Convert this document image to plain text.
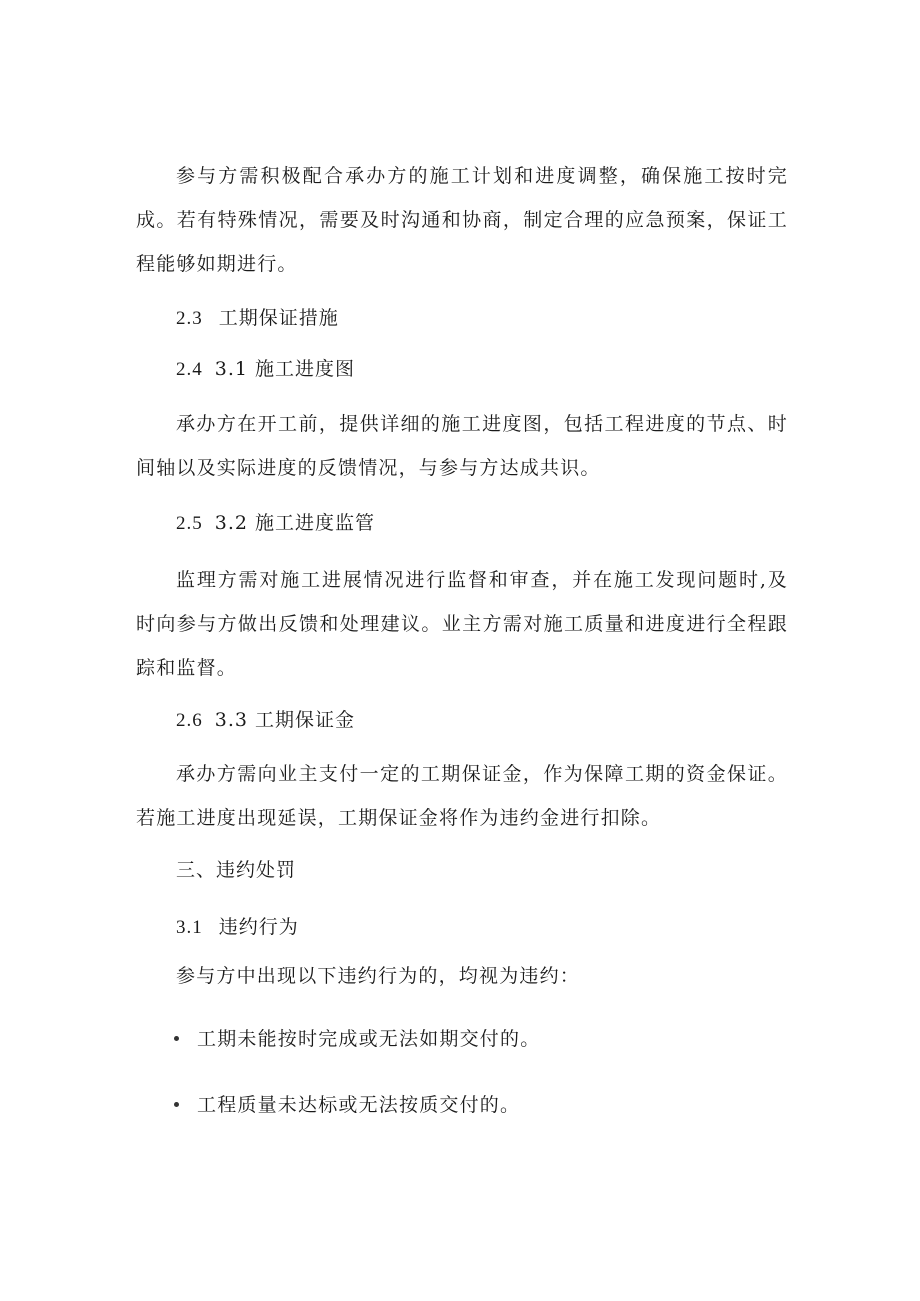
参与方需积极配合承办方的施工计划和进度调整，确保施工按时完成。若有特殊情况，需要及时沟通和协商，制定合理的应急预案，保证工程能够如期进行。

2.3 工期保证措施
2.4 3.1 施工进度图

承办方在开工前，提供详细的施工进度图，包括工程进度的节点、时间轴以及实际进度的反馈情况，与参与方达成共识。

2.5 3.2 施工进度监管

监理方需对施工进展情况进行监督和审查，并在施工发现问题时,及时向参与方做出反馈和处理建议。业主方需对施工质量和进度进行全程跟踪和监督。

2.6 3.3 工期保证金

承办方需向业主支付一定的工期保证金，作为保障工期的资金保证。若施工进度出现延误，工期保证金将作为违约金进行扣除。

三、违约处罚
3.1 违约行为

参与方中出现以下违约行为的，均视为违约：

工期未能按时完成或无法如期交付的。
工程质量未达标或无法按质交付的。
